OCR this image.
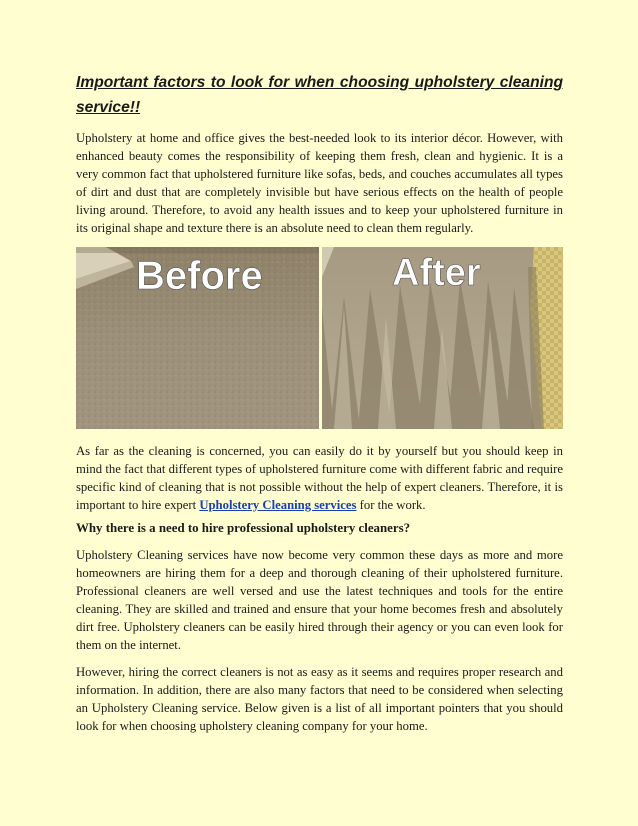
Important factors to look for when choosing upholstery cleaning service!!

Upholstery at home and office gives the best-needed look to its interior décor. However, with enhanced beauty comes the responsibility of keeping them fresh, clean and hygienic. It is a very common fact that upholstered furniture like sofas, beds, and couches accumulates all types of dirt and dust that are completely invisible but have serious effects on the health of people living around. Therefore, to avoid any health issues and to keep your upholstered furniture in its original shape and texture there is an absolute need to clean them regularly.

Before	After

As far as the cleaning is concerned, you can easily do it by yourself but you should keep in mind the fact that different types of upholstered furniture come with different fabric and require specific kind of cleaning that is not possible without the help of expert cleaners. Therefore, it is important to hire expert Upholstery Cleaning services for the work.

Why there is a need to hire professional upholstery cleaners?

Upholstery Cleaning services have now become very common these days as more and more homeowners are hiring them for a deep and thorough cleaning of their upholstered furniture. Professional cleaners are well versed and use the latest techniques and tools for the entire cleaning. They are skilled and trained and ensure that your home becomes fresh and absolutely dirt free. Upholstery cleaners can be easily hired through their agency or you can even look for them on the internet.

However, hiring the correct cleaners is not as easy as it seems and requires proper research and information. In addition, there are also many factors that need to be considered when selecting an Upholstery Cleaning service. Below given is a list of all important pointers that you should look for when choosing upholstery cleaning company for your home.
